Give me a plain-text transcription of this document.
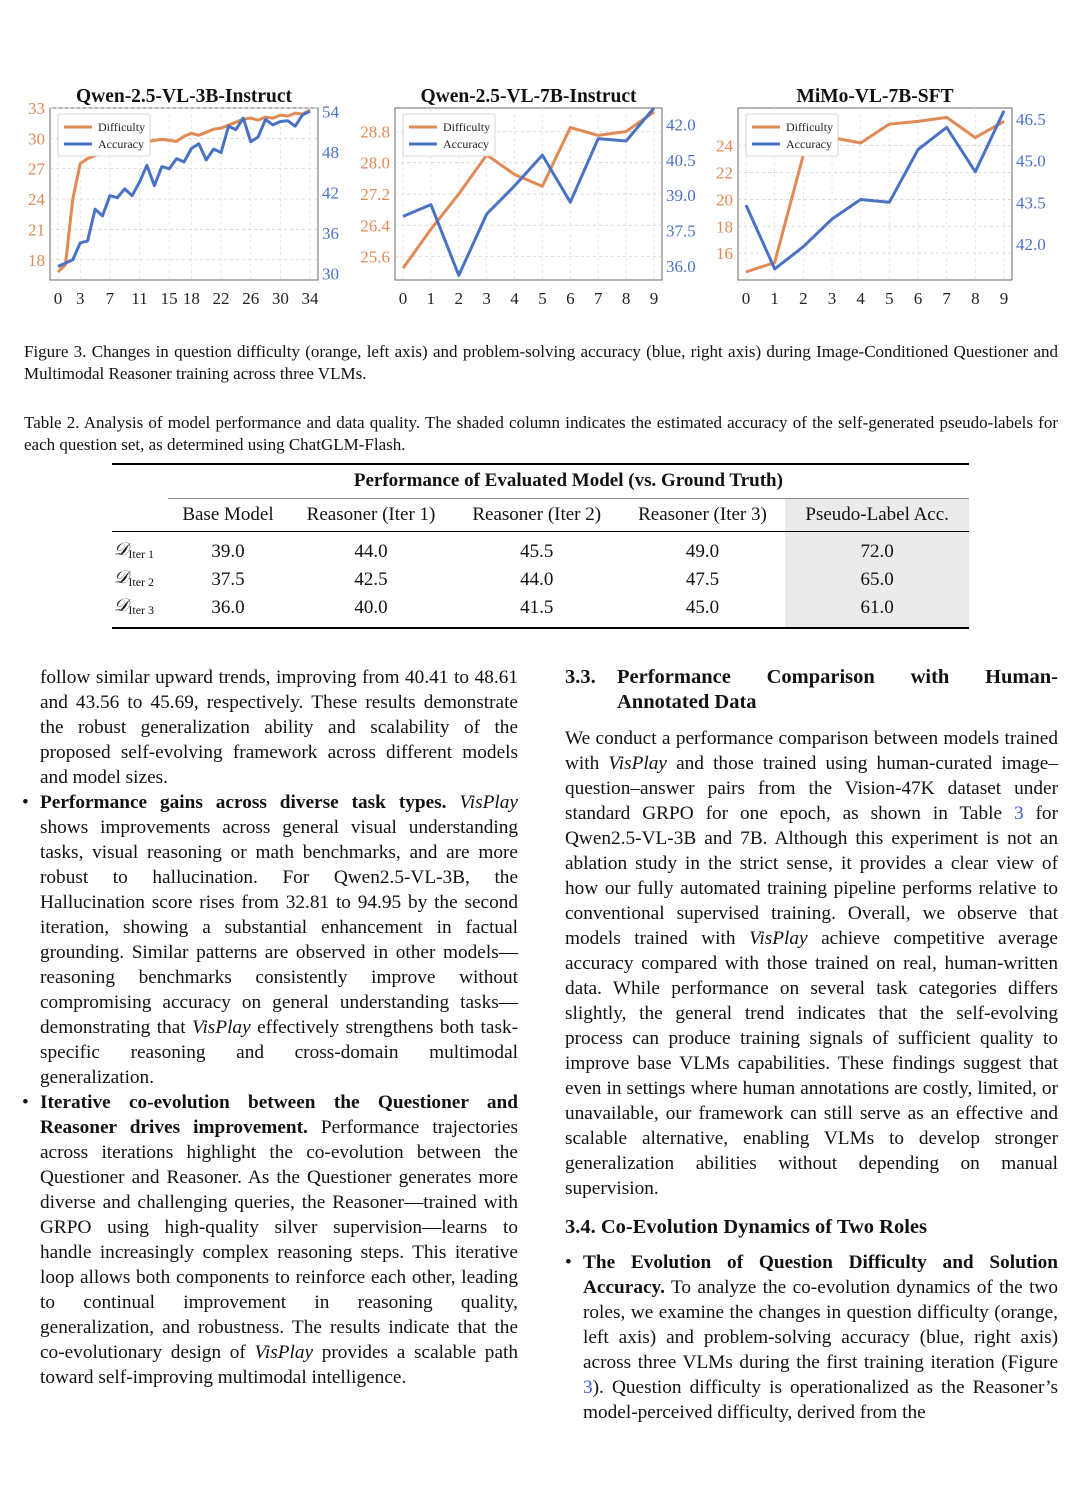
33
30
27
24
21
18
54
48
42
36
30
0 3 7 11 15 18 22 26 30 34
Qwen-2.5-VL-3B-Instruct
Difficulty
Accuracy
28.8
28.0
27.2
26.4
25.6
42.0
40.5
39.0
37.5
36.0
0 1 2 3 4 5 6 7 8 9
Qwen-2.5-VL-7B-Instruct
Difficulty
Accuracy	24
22
20
18
16
46.5
45.0
43.5
42.0
0 1 2 3 4 5 6 7 8 9
MiMo-VL-7B-SFT
Difficulty
Accuracy
Figure 3. Changes in question difficulty (orange, left axis) and problem-solving accuracy (blue, right axis) during Image-Conditioned Questioner and Multimodal Reasoner training across three VLMs.
Table 2. Analysis of model performance and data quality. The shaded column indicates the estimated accuracy of the self-generated pseudo-labels for each question set, as determined using ChatGLM-Flash.
	Performance of Evaluated Model (vs. Ground Truth)				
	Base Model	Reasoner (Iter 1)	Reasoner (Iter 2)	Reasoner (Iter 3)	Pseudo-Label Acc.
𝒟$_{Iter 1}$	39.0	44.0	45.5	49.0	72.0
𝒟$_{Iter 2}$	37.5	42.5	44.0	47.5	65.0
𝒟$_{Iter 3}$	36.0	40.0	41.5	45.0	61.0

follow similar upward trends, improving from 40.41 to 48.61 and 43.56 to 45.69, respectively. These results demonstrate the robust generalization ability and scalability of the proposed self-evolving framework across different models and model sizes.

• Performance gains across diverse task types. VisPlay shows improvements across general visual understanding tasks, visual reasoning or math benchmarks, and are more robust to hallucination. For Qwen2.5-VL-3B, the Hallucination score rises from 32.81 to 94.95 by the second iteration, showing a substantial enhancement in factual grounding. Similar patterns are observed in other models—reasoning benchmarks consistently improve without compromising accuracy on general understanding tasks—demonstrating that VisPlay effectively strengthens both task-specific reasoning and cross-domain multimodal generalization.
• Iterative co-evolution between the Questioner and Reasoner drives improvement. Performance trajectories across iterations highlight the co-evolution between the Questioner and Reasoner. As the Questioner generates more diverse and challenging queries, the Reasoner—trained with GRPO using high-quality silver supervision—learns to handle increasingly complex reasoning steps. This iterative loop allows both components to reinforce each other, leading to continual improvement in reasoning quality, generalization, and robustness. The results indicate that the co-evolutionary design of VisPlay provides a scalable path toward self-improving multimodal intelligence.
3.3. Performance Comparison with Human-
Annotated Data

We conduct a performance comparison between models trained with VisPlay and those trained using human-curated image–question–answer pairs from the Vision-47K dataset under standard GRPO for one epoch, as shown in Table 3 for Qwen2.5-VL-3B and 7B. Although this experiment is not an ablation study in the strict sense, it provides a clear view of how our fully automated training pipeline performs relative to conventional supervised training. Overall, we observe that models trained with VisPlay achieve competitive average accuracy compared with those trained on real, human-written data. While performance on several task categories differs slightly, the general trend indicates that the self-evolving process can produce training signals of sufficient quality to improve base VLMs capabilities. These findings suggest that even in settings where human annotations are costly, limited, or unavailable, our framework can still serve as an effective and scalable alternative, enabling VLMs to develop stronger generalization abilities without depending on manual supervision.

3.4. Co-Evolution Dynamics of Two Roles
• The Evolution of Question Difficulty and Solution Accuracy. To analyze the co-evolution dynamics of the two roles, we examine the changes in question difficulty (orange, left axis) and problem-solving accuracy (blue, right axis) across three VLMs during the first training iteration (Figure 3). Question difficulty is operationalized as the Reasoner’s model-perceived difficulty, derived from the
